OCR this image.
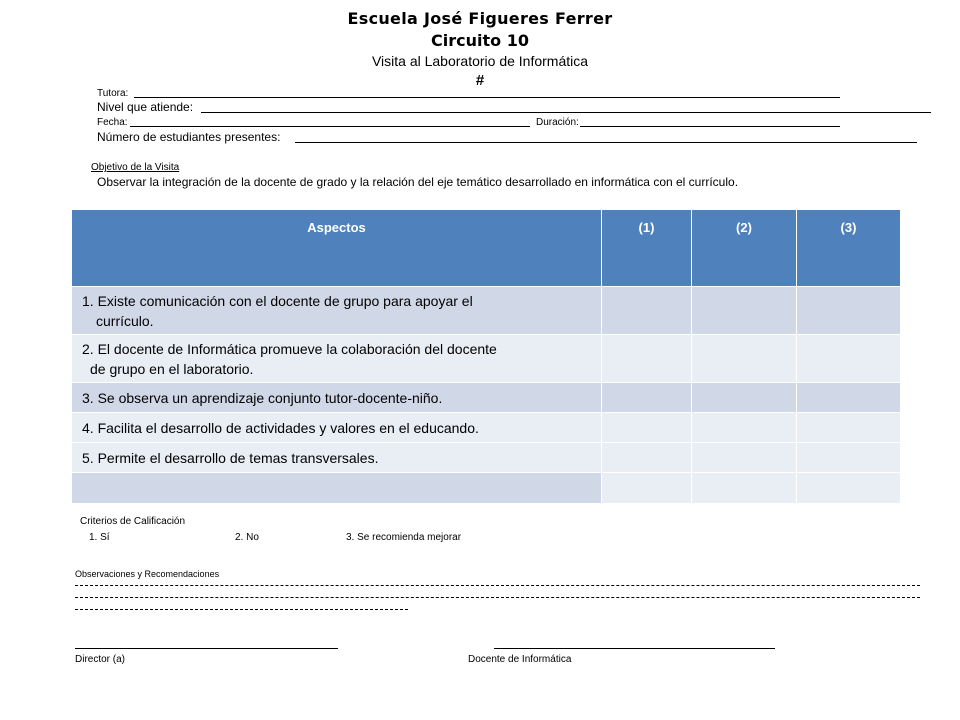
Escuela José Figueres Ferrer
Circuito 10
Visita al Laboratorio de Informática
#
Tutora:
Nivel que atiende:
Fecha:	Duración:
Número de estudiantes presentes:
Objetivo de la Visita
Observar la integración de la docente de grado y la relación del eje temático desarrollado en informática con el currículo.
Aspectos	(1)	(2)	(3)
1. Existe comunicación con el docente de grupo para apoyar el
currículo.			

2. El docente de Informática promueve la colaboración del docente
de grupo en el laboratorio.			

3. Se observa un aprendizaje conjunto tutor-docente-niño.			
4. Facilita el desarrollo de actividades y valores en el educando.			
5. Permite el desarrollo de temas transversales.			

Criterios de Calificación
1. Sí	2. No	3. Se recomienda mejorar
Observaciones y Recomendaciones
Director (a)	Docente de Informática
